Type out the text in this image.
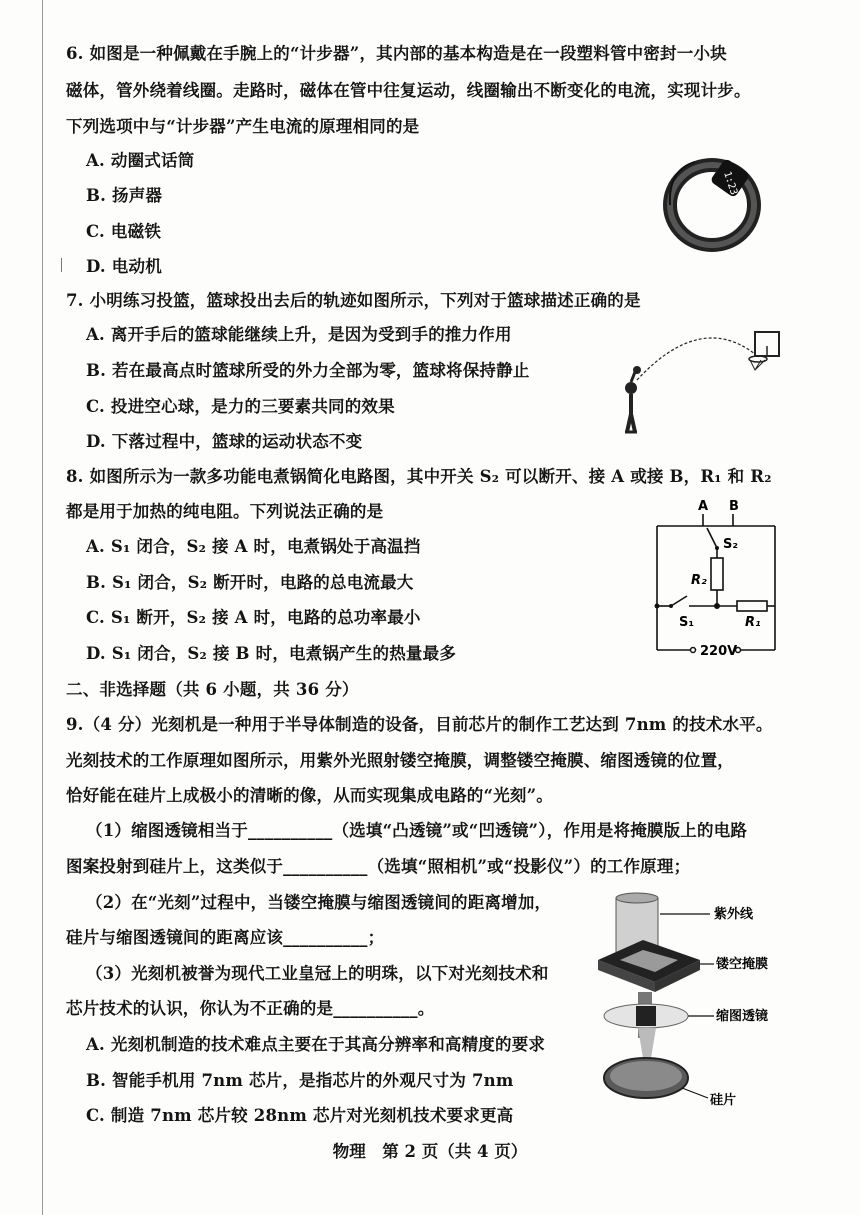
6. 如图是一种佩戴在手腕上的“计步器”，其内部的基本构造是在一段塑料管中密封一小块
磁体，管外绕着线圈。走路时，磁体在管中往复运动，线圈输出不断变化的电流，实现计步。
下列选项中与“计步器”产生电流的原理相同的是
A. 动圈式话筒
B. 扬声器
C. 电磁铁
D. 电动机
1:23
7. 小明练习投篮，篮球投出去后的轨迹如图所示，下列对于篮球描述正确的是
A. 离开手后的篮球能继续上升，是因为受到手的推力作用
B. 若在最高点时篮球所受的外力全部为零，篮球将保持静止
C. 投进空心球，是力的三要素共同的效果
D. 下落过程中，篮球的运动状态不变
8. 如图所示为一款多功能电煮锅简化电路图，其中开关 S₂ 可以断开、接 A 或接 B，R₁ 和 R₂
都是用于加热的纯电阻。下列说法正确的是
A. S₁ 闭合，S₂ 接 A 时，电煮锅处于高温挡
B. S₁ 闭合，S₂ 断开时，电路的总电流最大
C. S₁ 断开，S₂ 接 A 时，电路的总功率最小
D. S₁ 闭合，S₂ 接 B 时，电煮锅产生的热量最多
A B
S₂
R₂
S₁	R₁
220V
二、非选择题（共 6 小题，共 36 分）
9.（4 分）光刻机是一种用于半导体制造的设备，目前芯片的制作工艺达到 7nm 的技术水平。
光刻技术的工作原理如图所示，用紫外光照射镂空掩膜，调整镂空掩膜、缩图透镜的位置，
恰好能在硅片上成极小的清晰的像，从而实现集成电路的“光刻”。
（1）缩图透镜相当于__________（选填“凸透镜”或“凹透镜”），作用是将掩膜版上的电路
图案投射到硅片上，这类似于__________（选填“照相机”或“投影仪”）的工作原理；
（2）在“光刻”过程中，当镂空掩膜与缩图透镜间的距离增加，
硅片与缩图透镜间的距离应该__________；
（3）光刻机被誉为现代工业皇冠上的明珠，以下对光刻技术和
芯片技术的认识，你认为不正确的是__________。
A. 光刻机制造的技术难点主要在于其高分辨率和高精度的要求
B. 智能手机用 7nm 芯片，是指芯片的外观尺寸为 7nm
C. 制造 7nm 芯片较 28nm 芯片对光刻机技术要求更高
紫外线
镂空掩膜
缩图透镜
硅片
物理　第 2 页（共 4 页）
